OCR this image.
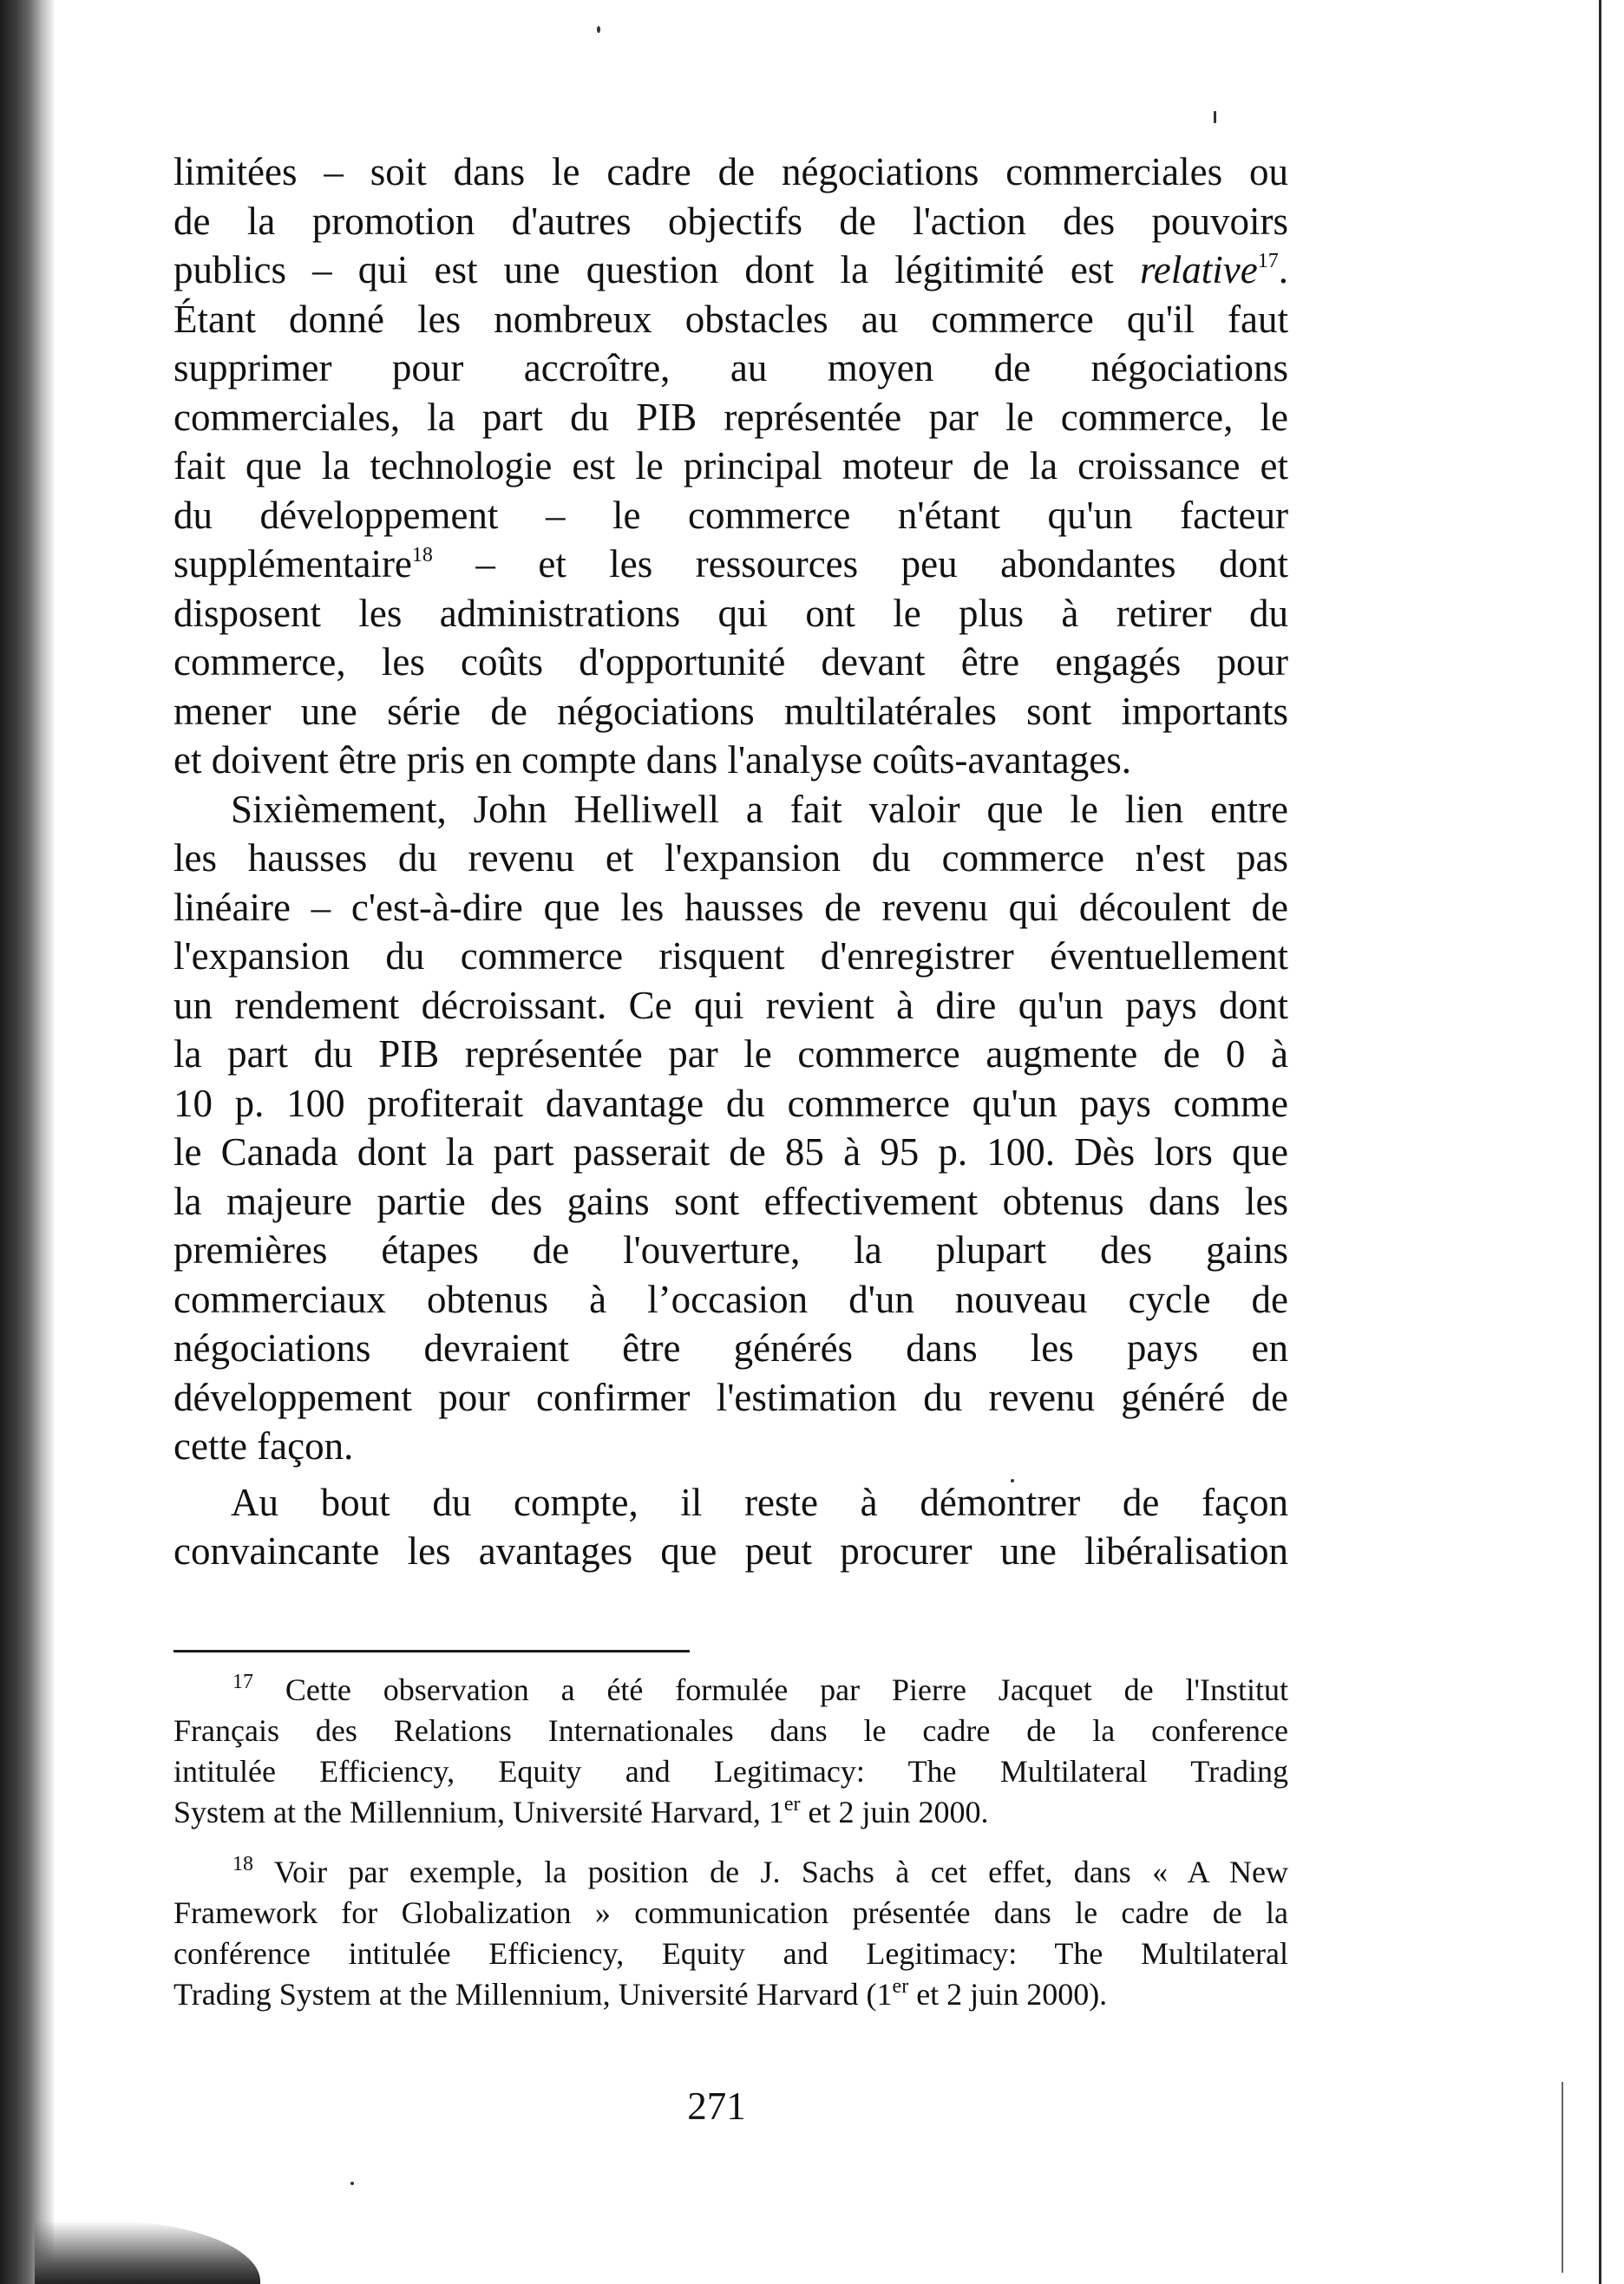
limitées – soit dans le cadre de négociations commerciales ou
de la promotion d'autres objectifs de l'action des pouvoirs
publics – qui est une question dont la légitimité est relative$^{17}$.
Étant donné les nombreux obstacles au commerce qu'il faut
supprimer pour accroître, au moyen de négociations
commerciales, la part du PIB représentée par le commerce, le
fait que la technologie est le principal moteur de la croissance et
du développement – le commerce n'étant qu'un facteur
supplémentaire$^{18}$ – et les ressources peu abondantes dont
disposent les administrations qui ont le plus à retirer du
commerce, les coûts d'opportunité devant être engagés pour
mener une série de négociations multilatérales sont importants
et doivent être pris en compte dans l'analyse coûts-avantages.
Sixièmement, John Helliwell a fait valoir que le lien entre
les hausses du revenu et l'expansion du commerce n'est pas
linéaire – c'est-à-dire que les hausses de revenu qui découlent de
l'expansion du commerce risquent d'enregistrer éventuellement
un rendement décroissant. Ce qui revient à dire qu'un pays dont
la part du PIB représentée par le commerce augmente de 0 à
10 p. 100 profiterait davantage du commerce qu'un pays comme
le Canada dont la part passerait de 85 à 95 p. 100. Dès lors que
la majeure partie des gains sont effectivement obtenus dans les
premières étapes de l'ouverture, la plupart des gains
commerciaux obtenus à l’occasion d'un nouveau cycle de
négociations devraient être générés dans les pays en
développement pour confirmer l'estimation du revenu généré de
cette façon.
Au bout du compte, il reste à démontrer de façon
convaincante les avantages que peut procurer une libéralisation
$^{17}$ Cette observation a été formulée par Pierre Jacquet de l'Institut
Français des Relations Internationales dans le cadre de la conference
intitulée Efficiency, Equity and Legitimacy: The Multilateral Trading
System at the Millennium, Université Harvard, 1er et 2 juin 2000.
$^{18}$ Voir par exemple, la position de J. Sachs à cet effet, dans « A New
Framework for Globalization » communication présentée dans le cadre de la
conférence intitulée Efficiency, Equity and Legitimacy: The Multilateral
Trading System at the Millennium, Université Harvard (1er et 2 juin 2000).
271
